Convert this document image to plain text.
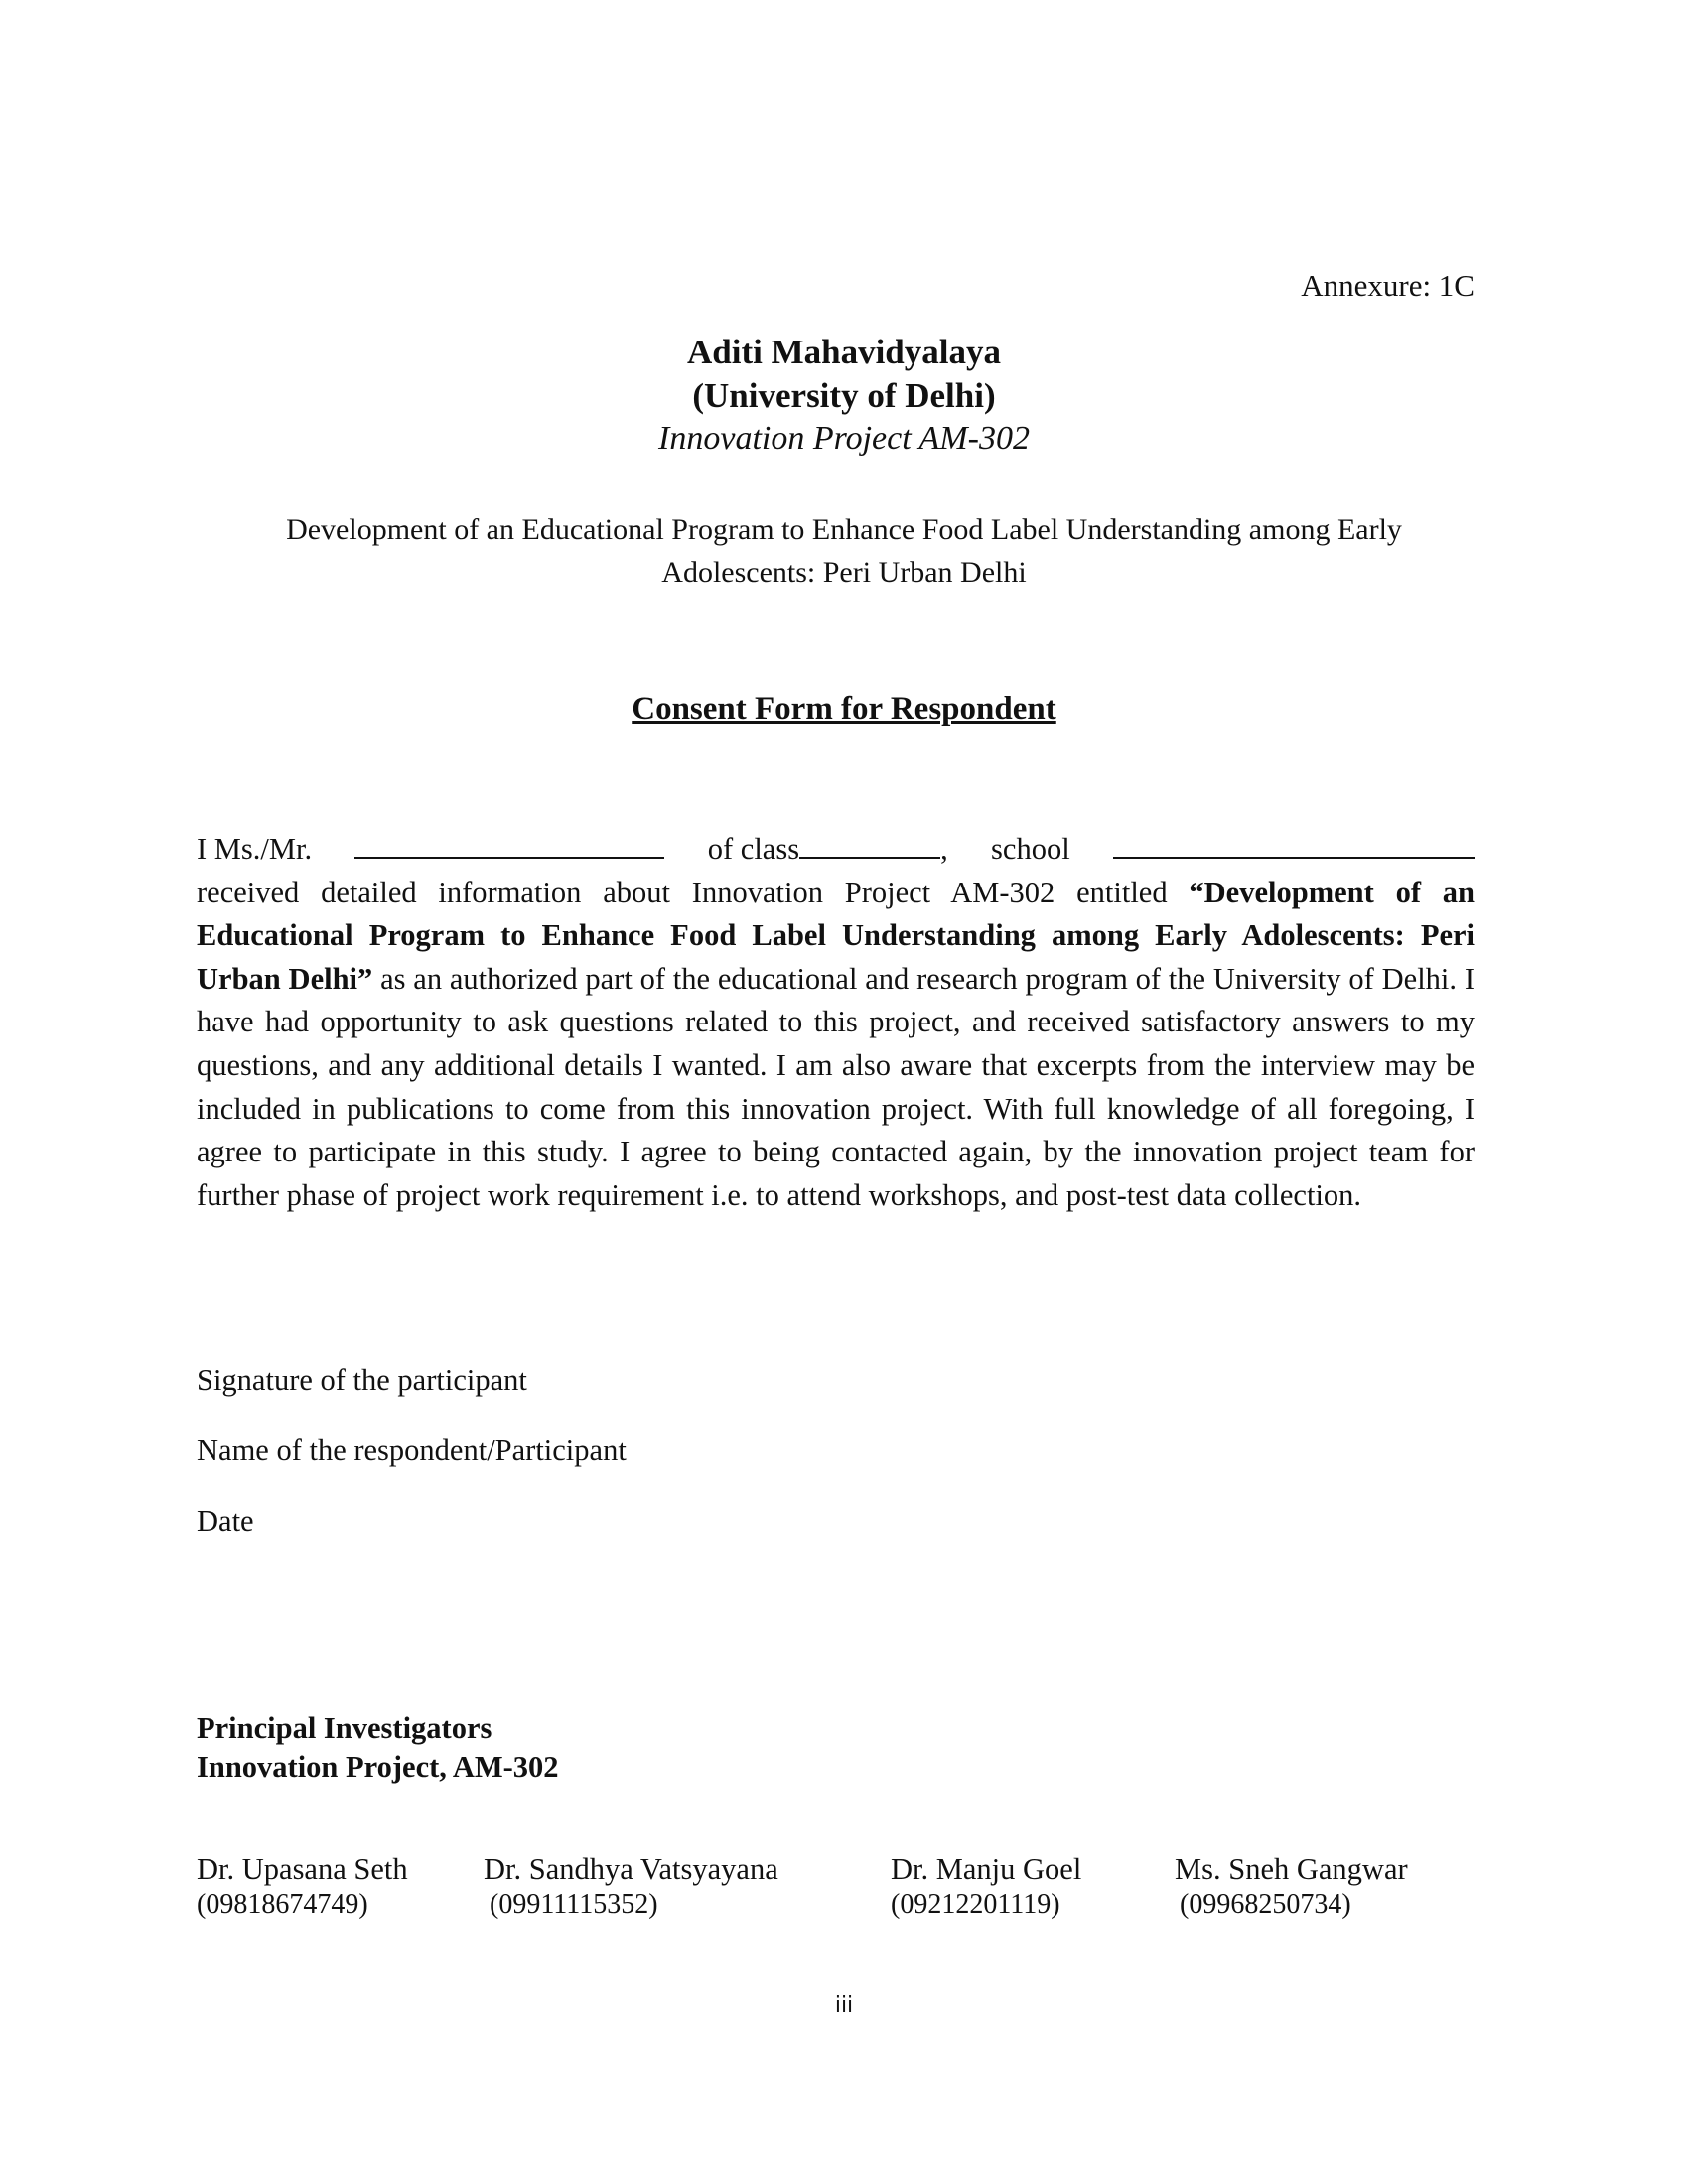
Annexure: 1C
Aditi Mahavidyalaya
(University of Delhi)
Innovation Project AM-302
Development of an Educational Program to Enhance Food Label Understanding among Early
Adolescents: Peri Urban Delhi
Consent Form for Respondent
I Ms./Mr.	of class	, school
received detailed information about Innovation Project AM-302 entitled “Development of an Educational Program to Enhance Food Label Understanding among Early Adolescents: Peri Urban Delhi” as an authorized part of the educational and research program of the University of Delhi. I have had opportunity to ask questions related to this project, and received satisfactory answers to my questions, and any additional details I wanted. I am also aware that excerpts from the interview may be included in publications to come from this innovation project. With full knowledge of all foregoing, I agree to participate in this study. I agree to being contacted again, by the innovation project team for further phase of project work requirement i.e. to attend workshops, and post-test data collection.
Signature of the participant
Name of the respondent/Participant
Date
Principal Investigators
Innovation Project, AM-302
Dr. Upasana Seth
(09818674749)
Dr. Sandhya Vatsyayana
(09911115352)
Dr. Manju Goel
(09212201119)
Ms. Sneh Gangwar
(09968250734)
iii
